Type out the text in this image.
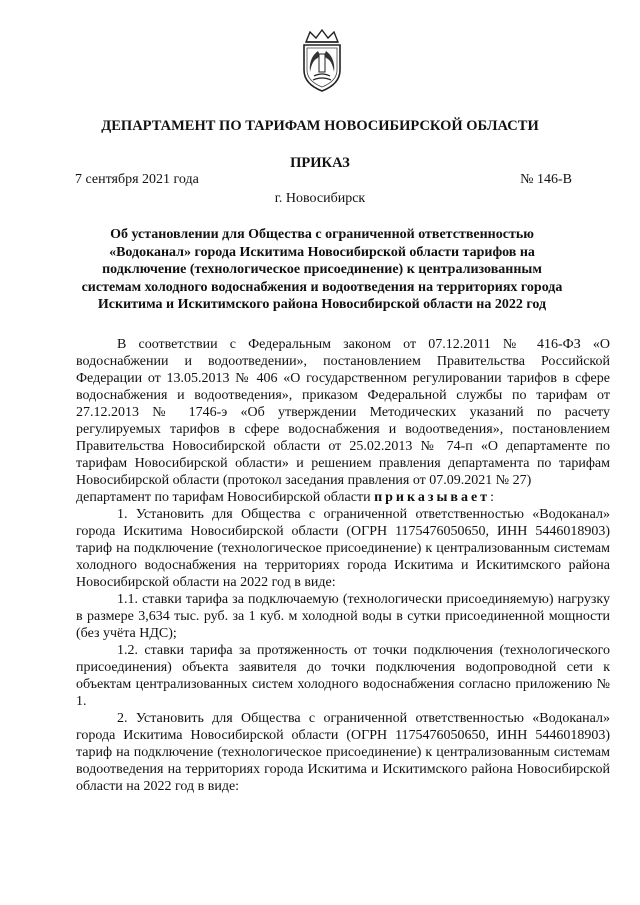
ДЕПАРТАМЕНТ ПО ТАРИФАМ НОВОСИБИРСКОЙ ОБЛАСТИ
ПРИКАЗ
7 сентября 2021 года	№ 146-В
г. Новосибирск
Об установлении для Общества с ограниченной ответственностью «Водоканал» города Искитима Новосибирской области тарифов на подключение (технологическое присоединение) к централизованным системам холодного водоснабжения и водоотведения на территориях города Искитима и Искитимского района Новосибирской области на 2022 год

В соответствии с Федеральным законом от 07.12.2011 № 416-ФЗ «О водоснабжении и водоотведении», постановлением Правительства Российской Федерации от 13.05.2013 № 406 «О государственном регулировании тарифов в сфере водоснабжения и водоотведения», приказом Федеральной службы по тарифам от 27.12.2013 № 1746-э «Об утверждении Методических указаний по расчету регулируемых тарифов в сфере водоснабжения и водоотведения», постановлением Правительства Новосибирской области от 25.02.2013 № 74-п «О департаменте по тарифам Новосибирской области» и решением правления департамента по тарифам Новосибирской области (протокол заседания правления от 07.09.2021 № 27)

департамент по тарифам Новосибирской области приказывает:

1. Установить для Общества с ограниченной ответственностью «Водоканал» города Искитима Новосибирской области (ОГРН 1175476050650, ИНН 5446018903) тариф на подключение (технологическое присоединение) к централизованным системам холодного водоснабжения на территориях города Искитима и Искитимского района Новосибирской области на 2022 год в виде:

1.1. ставки тарифа за подключаемую (технологически присоединяемую) нагрузку в размере 3,634 тыс. руб. за 1 куб. м холодной воды в сутки присоединенной мощности (без учёта НДС);

1.2. ставки тарифа за протяженность от точки подключения (технологического присоединения) объекта заявителя до точки подключения водопроводной сети к объектам централизованных систем холодного водоснабжения согласно приложению № 1.

2. Установить для Общества с ограниченной ответственностью «Водоканал» города Искитима Новосибирской области (ОГРН 1175476050650, ИНН 5446018903) тариф на подключение (технологическое присоединение) к централизованным системам водоотведения на территориях города Искитима и Искитимского района Новосибирской области на 2022 год в виде:
